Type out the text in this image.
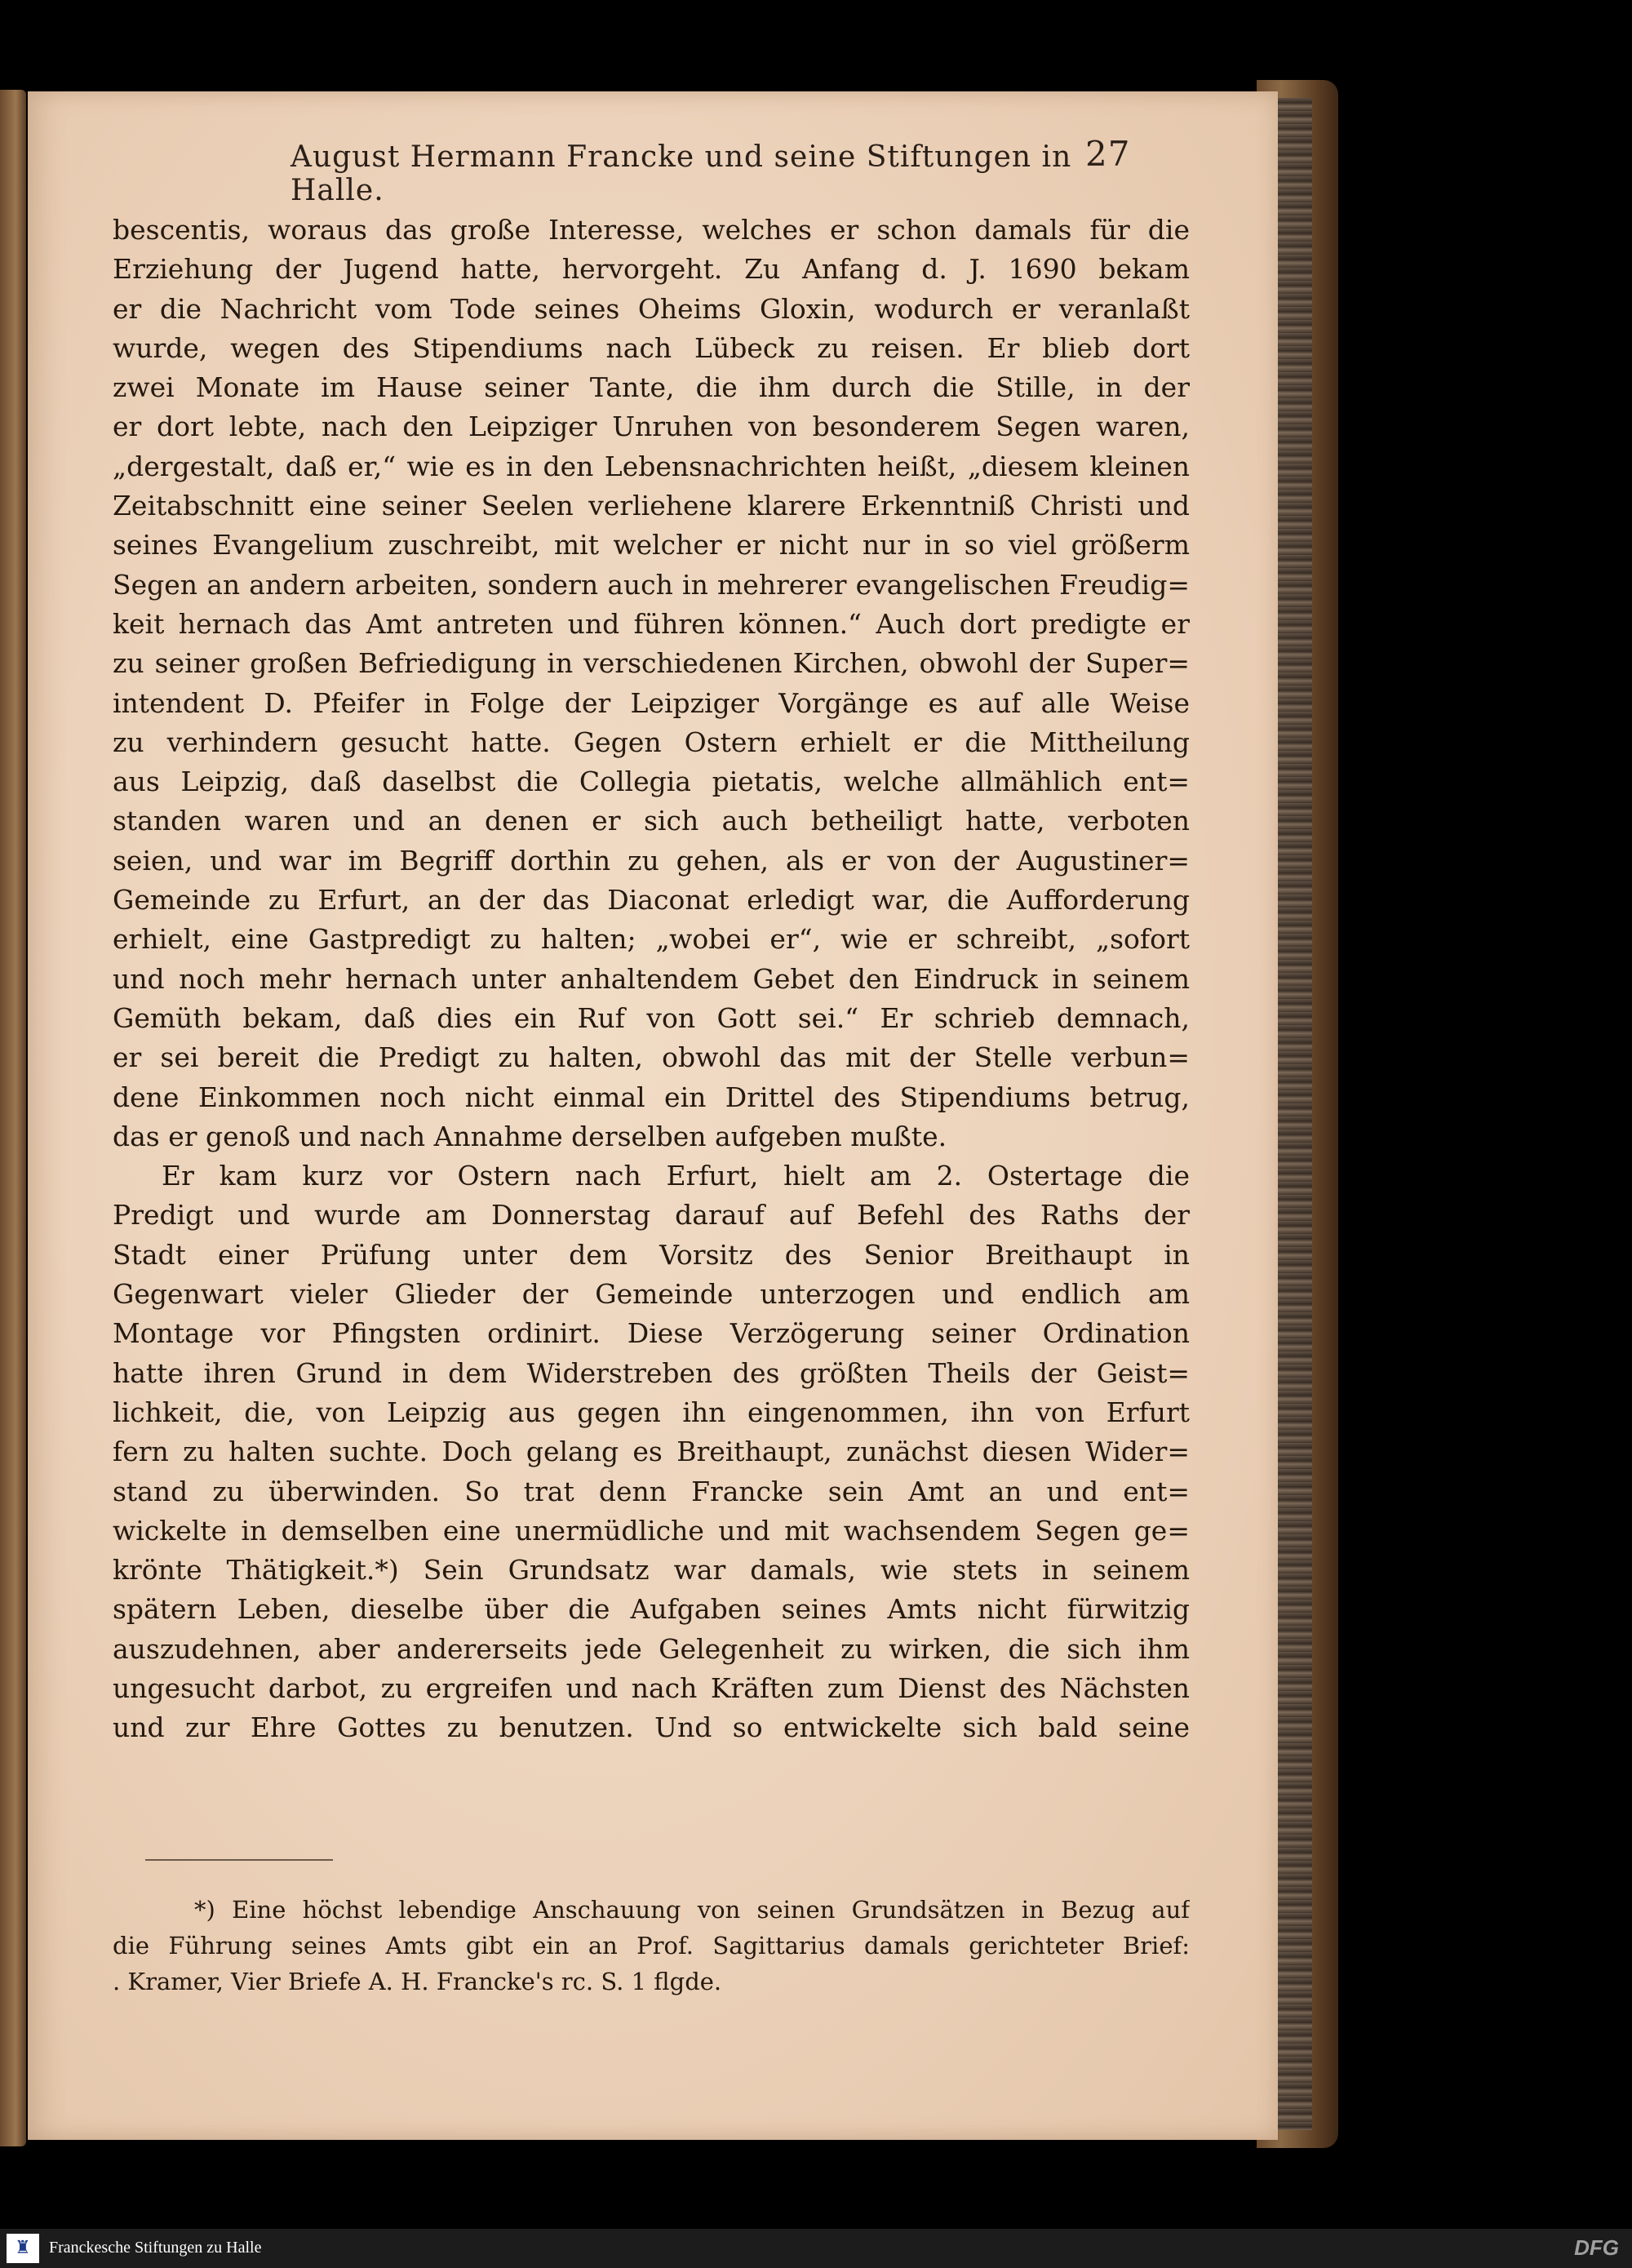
August Hermann Francke und seine Stiftungen in Halle.
27
bescentis, woraus das große Interesse, welches er schon damals für die
Erziehung der Jugend hatte, hervorgeht. Zu Anfang d. J. 1690 bekam
er die Nachricht vom Tode seines Oheims Gloxin, wodurch er veranlaßt
wurde, wegen des Stipendiums nach Lübeck zu reisen. Er blieb dort
zwei Monate im Hause seiner Tante, die ihm durch die Stille, in der
er dort lebte, nach den Leipziger Unruhen von besonderem Segen waren,
„dergestalt, daß er,“ wie es in den Lebensnachrichten heißt, „diesem kleinen
Zeitabschnitt eine seiner Seelen verliehene klarere Erkenntniß Christi und
seines Evangelium zuschreibt, mit welcher er nicht nur in so viel größerm
Segen an andern arbeiten, sondern auch in mehrerer evangelischen Freudig=
keit hernach das Amt antreten und führen können.“ Auch dort predigte er
zu seiner großen Befriedigung in verschiedenen Kirchen, obwohl der Super=
intendent D. Pfeifer in Folge der Leipziger Vorgänge es auf alle Weise
zu verhindern gesucht hatte. Gegen Ostern erhielt er die Mittheilung
aus Leipzig, daß daselbst die Collegia pietatis, welche allmählich ent=
standen waren und an denen er sich auch betheiligt hatte, verboten
seien, und war im Begriff dorthin zu gehen, als er von der Augustiner=
Gemeinde zu Erfurt, an der das Diaconat erledigt war, die Aufforderung
erhielt, eine Gastpredigt zu halten; „wobei er“, wie er schreibt, „sofort
und noch mehr hernach unter anhaltendem Gebet den Eindruck in seinem
Gemüth bekam, daß dies ein Ruf von Gott sei.“ Er schrieb demnach,
er sei bereit die Predigt zu halten, obwohl das mit der Stelle verbun=
dene Einkommen noch nicht einmal ein Drittel des Stipendiums betrug,
das er genoß und nach Annahme derselben aufgeben mußte.
Er kam kurz vor Ostern nach Erfurt, hielt am 2. Ostertage die
Predigt und wurde am Donnerstag darauf auf Befehl des Raths der
Stadt einer Prüfung unter dem Vorsitz des Senior Breithaupt in
Gegenwart vieler Glieder der Gemeinde unterzogen und endlich am
Montage vor Pfingsten ordinirt. Diese Verzögerung seiner Ordination
hatte ihren Grund in dem Widerstreben des größten Theils der Geist=
lichkeit, die, von Leipzig aus gegen ihn eingenommen, ihn von Erfurt
fern zu halten suchte. Doch gelang es Breithaupt, zunächst diesen Wider=
stand zu überwinden. So trat denn Francke sein Amt an und ent=
wickelte in demselben eine unermüdliche und mit wachsendem Segen ge=
krönte Thätigkeit.*) Sein Grundsatz war damals, wie stets in seinem
spätern Leben, dieselbe über die Aufgaben seines Amts nicht fürwitzig
auszudehnen, aber andererseits jede Gelegenheit zu wirken, die sich ihm
ungesucht darbot, zu ergreifen und nach Kräften zum Dienst des Nächsten
und zur Ehre Gottes zu benutzen. Und so entwickelte sich bald seine
*) Eine höchst lebendige Anschauung von seinen Grundsätzen in Bezug auf
die Führung seines Amts gibt ein an Prof. Sagittarius damals gerichteter Brief:
. Kramer, Vier Briefe A. H. Francke's rc. S. 1 flgde.
♜	Franckesche Stiftungen zu Halle	DFG
